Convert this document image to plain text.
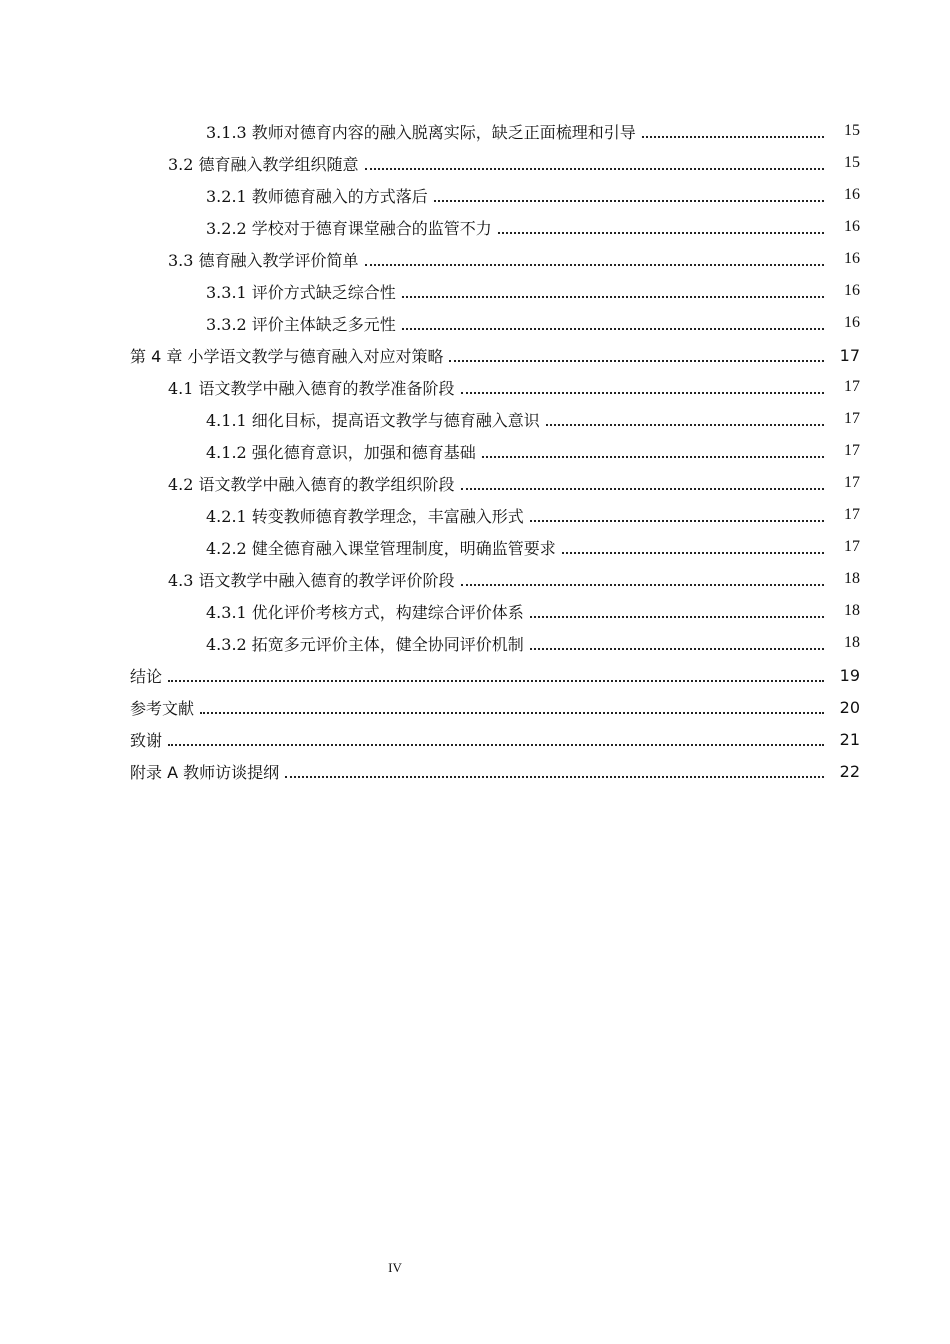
3.1.3 教师对德育内容的融入脱离实际，缺乏正面梳理和引导	15
3.2 德育融入教学组织随意	15
3.2.1 教师德育融入的方式落后	16
3.2.2 学校对于德育课堂融合的监管不力	16
3.3 德育融入教学评价简单	16
3.3.1 评价方式缺乏综合性	16
3.3.2 评价主体缺乏多元性	16
第 4 章 小学语文教学与德育融入对应对策略	17
4.1 语文教学中融入德育的教学准备阶段	17
4.1.1 细化目标，提高语文教学与德育融入意识	17
4.1.2 强化德育意识，加强和德育基础	17
4.2 语文教学中融入德育的教学组织阶段	17
4.2.1 转变教师德育教学理念，丰富融入形式	17
4.2.2 健全德育融入课堂管理制度，明确监管要求	17
4.3 语文教学中融入德育的教学评价阶段	18
4.3.1 优化评价考核方式，构建综合评价体系	18
4.3.2 拓宽多元评价主体，健全协同评价机制	18
结论	19
参考文献	20
致谢	21
附录 A 教师访谈提纲	22
IV
